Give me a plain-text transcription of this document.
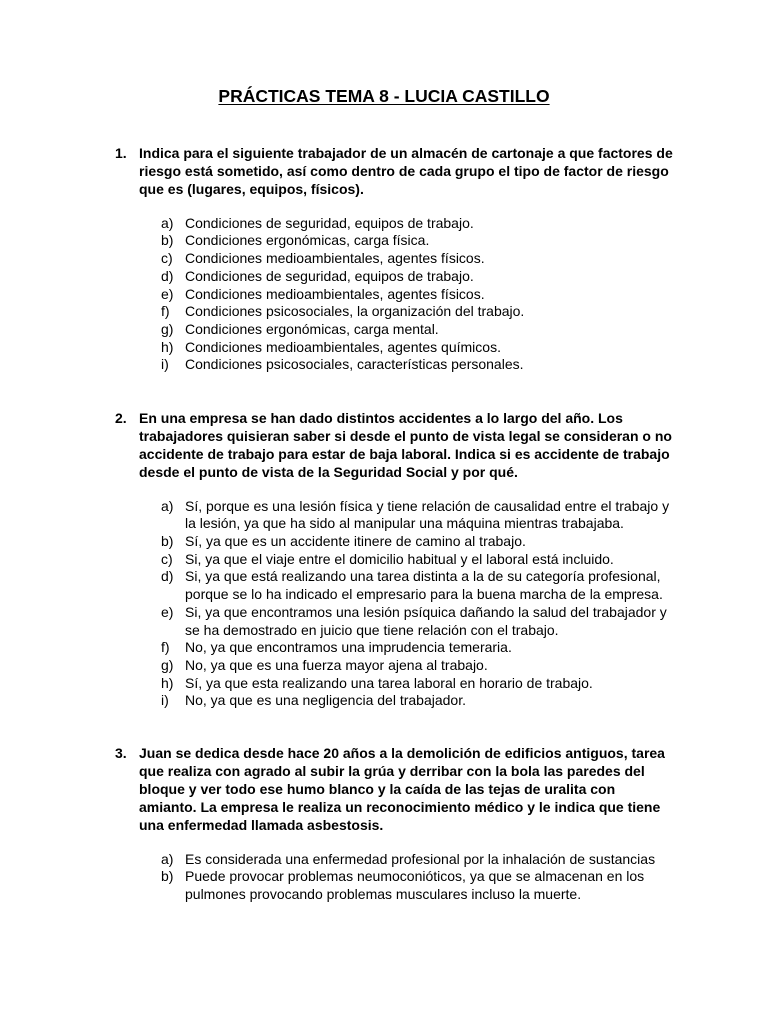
PRÁCTICAS TEMA 8 - LUCIA CASTILLO
1. Indica para el siguiente trabajador de un almacén de cartonaje a que factores de riesgo está sometido, así como dentro de cada grupo el tipo de factor de riesgo que es (lugares, equipos, físicos).
a) Condiciones de seguridad, equipos de trabajo.
b) Condiciones ergonómicas, carga física.
c) Condiciones medioambientales, agentes físicos.
d) Condiciones de seguridad, equipos de trabajo.
e) Condiciones medioambientales, agentes físicos.
f) Condiciones psicosociales, la organización del trabajo.
g) Condiciones ergonómicas, carga mental.
h) Condiciones medioambientales, agentes químicos.
i) Condiciones psicosociales, características personales.
2. En una empresa se han dado distintos accidentes a lo largo del año. Los trabajadores quisieran saber si desde el punto de vista legal se consideran o no accidente de trabajo para estar de baja laboral. Indica si es accidente de trabajo desde el punto de vista de la Seguridad Social y por qué.
a) Sí, porque es una lesión física y tiene relación de causalidad entre el trabajo y la lesión, ya que ha sido al manipular una máquina mientras trabajaba.
b) Sí, ya que es un accidente itinere de camino al trabajo.
c) Si, ya que el viaje entre el domicilio habitual y el laboral está incluido.
d) Si, ya que está realizando una tarea distinta a la de su categoría profesional, porque se lo ha indicado el empresario para la buena marcha de la empresa.
e) Si, ya que encontramos una lesión psíquica dañando la salud del trabajador y se ha demostrado en juicio que tiene relación con el trabajo.
f) No, ya que encontramos una imprudencia temeraria.
g) No, ya que es una fuerza mayor ajena al trabajo.
h) Sí, ya que esta realizando una tarea laboral en horario de trabajo.
i) No, ya que es una negligencia del trabajador.
3. Juan se dedica desde hace 20 años a la demolición de edificios antiguos, tarea que realiza con agrado al subir la grúa y derribar con la bola las paredes del bloque y ver todo ese humo blanco y la caída de las tejas de uralita con amianto. La empresa le realiza un reconocimiento médico y le indica que tiene una enfermedad llamada asbestosis.
a) Es considerada una enfermedad profesional por la inhalación de sustancias
b) Puede provocar problemas neumoconióticos, ya que se almacenan en los pulmones provocando problemas musculares incluso la muerte.
